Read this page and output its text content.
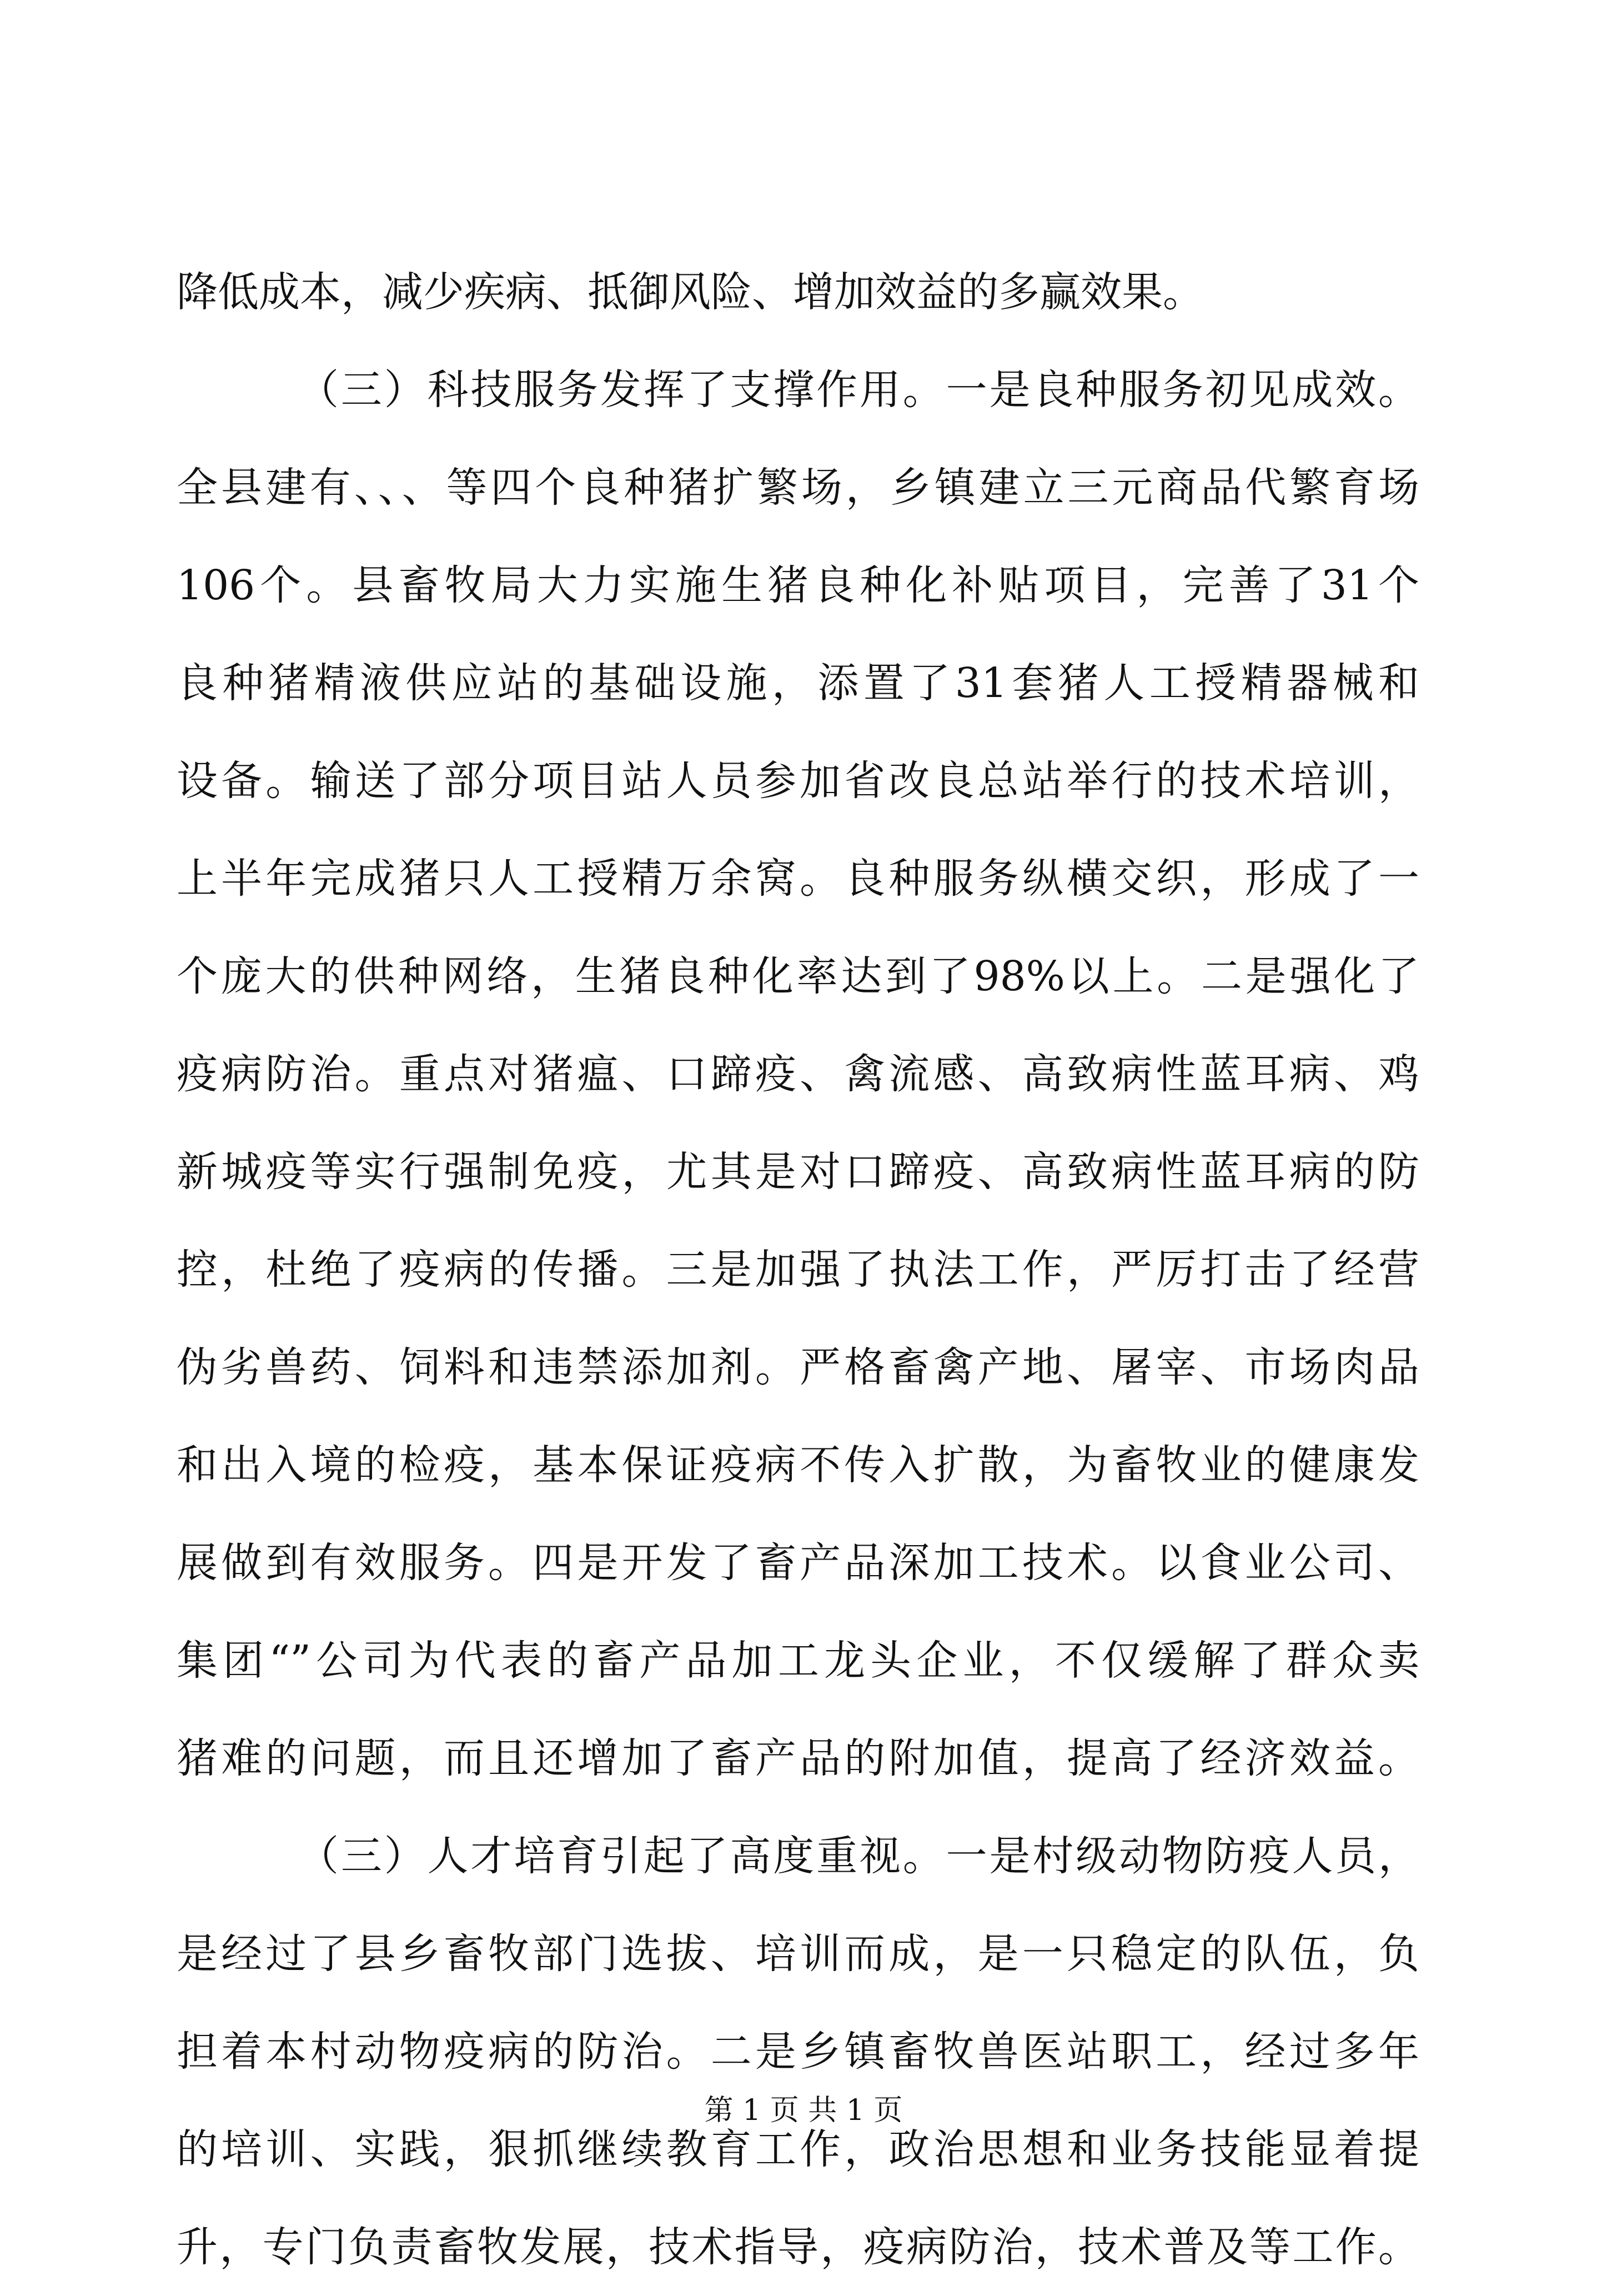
降低成本，减少疾病、抵御风险、增加效益的多赢效果。
（三）科技服务发挥了支撑作用。一是良种服务初见成效。
全县建有、、、等四个良种猪扩繁场，乡镇建立三元商品代繁育场
106个。县畜牧局大力实施生猪良种化补贴项目，完善了31个
良种猪精液供应站的基础设施，添置了31套猪人工授精器械和
设备。输送了部分项目站人员参加省改良总站举行的技术培训，
上半年完成猪只人工授精万余窝。良种服务纵横交织，形成了一
个庞大的供种网络，生猪良种化率达到了98%以上。二是强化了
疫病防治。重点对猪瘟、口蹄疫、禽流感、高致病性蓝耳病、鸡
新城疫等实行强制免疫，尤其是对口蹄疫、高致病性蓝耳病的防
控，杜绝了疫病的传播。三是加强了执法工作，严厉打击了经营
伪劣兽药、饲料和违禁添加剂。严格畜禽产地、屠宰、市场肉品
和出入境的检疫，基本保证疫病不传入扩散，为畜牧业的健康发
展做到有效服务。四是开发了畜产品深加工技术。以食业公司、
集团“”公司为代表的畜产品加工龙头企业，不仅缓解了群众卖
猪难的问题，而且还增加了畜产品的附加值，提高了经济效益。
（三）人才培育引起了高度重视。一是村级动物防疫人员，
是经过了县乡畜牧部门选拔、培训而成，是一只稳定的队伍，负
担着本村动物疫病的防治。二是乡镇畜牧兽医站职工，经过多年
的培训、实践，狠抓继续教育工作，政治思想和业务技能显着提
升，专门负责畜牧发展，技术指导，疫病防治，技术普及等工作。
第 1 页 共 1 页
